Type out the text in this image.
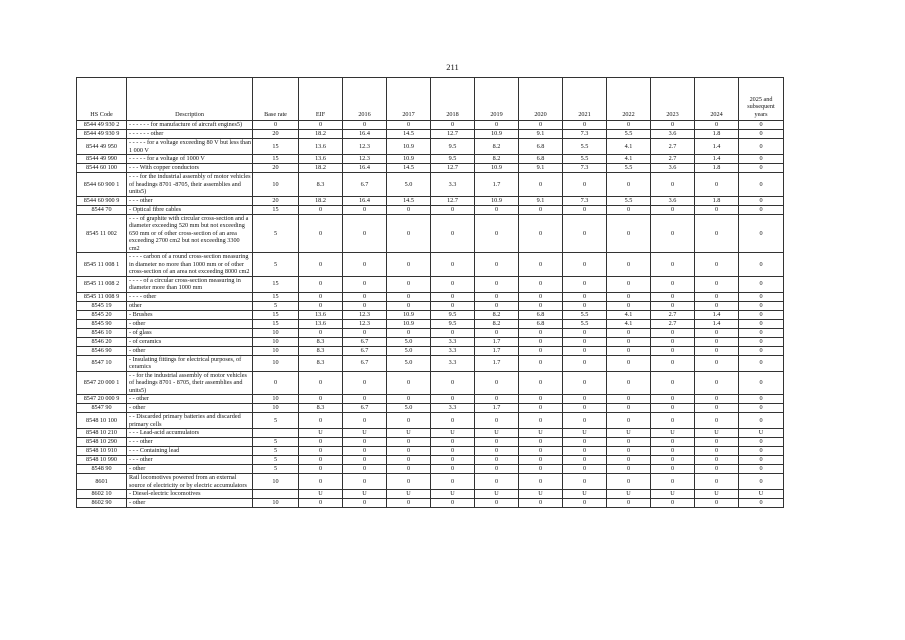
211
HS Code	Description	Base rate	EIF	2016	2017	2018	2019	2020	2021	2022	2023	2024	2025 and subsequent years
8544 49 930 2	- - - - - - for manufacture of aircraft engines5)	0	0	0	0	0	0	0	0	0	0	0	0
8544 49 930 9	- - - - - - other	20	18.2	16.4	14.5	12.7	10.9	9.1	7.3	5.5	3.6	1.8	0
8544 49 950	- - - - - for a voltage exceeding 80 V but less than 1 000 V	15	13.6	12.3	10.9	9.5	8.2	6.8	5.5	4.1	2.7	1.4	0
8544 49 990	- - - - - for a voltage of 1000 V	15	13.6	12.3	10.9	9.5	8.2	6.8	5.5	4.1	2.7	1.4	0
8544 60 100	- - - With copper conductors	20	18.2	16.4	14.5	12.7	10.9	9.1	7.3	5.5	3.6	1.8	0
8544 60 900 1	- - - for the industrial assembly of motor vehicles of headings 8701 -8705, their assemblies and units5)	10	8.3	6.7	5.0	3.3	1.7	0	0	0	0	0	0
8544 60 900 9	- - - other	20	18.2	16.4	14.5	12.7	10.9	9.1	7.3	5.5	3.6	1.8	0
8544 70	- Optical fibre cables	15	0	0	0	0	0	0	0	0	0	0	0
8545 11 002	- - - of graphite with circular cross-section and a diameter exceeding 520 mm but not exceeding 650 mm or of other cross-section of an area exceeding 2700 cm2 but not exceeding 3300 cm2	5	0	0	0	0	0	0	0	0	0	0	0
8545 11 008 1	- - - - carbon of a round cross-section measuring in diameter no more than 1000 mm or of other cross-section of an area not exceeding 8000 cm2	5	0	0	0	0	0	0	0	0	0	0	0
8545 11 008 2	- - - - of a circular cross-section measuring in diameter more than 1000 mm	15	0	0	0	0	0	0	0	0	0	0	0
8545 11 008 9	- - - - other	15	0	0	0	0	0	0	0	0	0	0	0
8545 19	other	5	0	0	0	0	0	0	0	0	0	0	0
8545 20	- Brushes	15	13.6	12.3	10.9	9.5	8.2	6.8	5.5	4.1	2.7	1.4	0
8545 90	- other	15	13.6	12.3	10.9	9.5	8.2	6.8	5.5	4.1	2.7	1.4	0
8546 10	- of glass	10	0	0	0	0	0	0	0	0	0	0	0
8546 20	- of ceramics	10	8.3	6.7	5.0	3.3	1.7	0	0	0	0	0	0
8546 90	- other	10	8.3	6.7	5.0	3.3	1.7	0	0	0	0	0	0
8547 10	- Insulating fittings for electrical purposes, of ceramics	10	8.3	6.7	5.0	3.3	1.7	0	0	0	0	0	0
8547 20 000 1	- - for the industrial assembly of motor vehicles of headings 8701 - 8705, their assemblies and units5)	0	0	0	0	0	0	0	0	0	0	0	0
8547 20 000 9	- - other	10	0	0	0	0	0	0	0	0	0	0	0
8547 90	- other	10	8.3	6.7	5.0	3.3	1.7	0	0	0	0	0	0
8548 10 100	- - Discarded primary batteries and discarded primary cells	5	0	0	0	0	0	0	0	0	0	0	0
8548 10 210	- - - Lead-acid accumulators		U	U	U	U	U	U	U	U	U	U	U
8548 10 290	- - - other	5	0	0	0	0	0	0	0	0	0	0	0
8548 10 910	- - - Containing lead	5	0	0	0	0	0	0	0	0	0	0	0
8548 10 990	- - - other	5	0	0	0	0	0	0	0	0	0	0	0
8548 90	- other	5	0	0	0	0	0	0	0	0	0	0	0
8601	Rail locomotives powered from an external source of electricity or by electric accumulators	10	0	0	0	0	0	0	0	0	0	0	0
8602 10	- Diesel-electric locomotives		U	U	U	U	U	U	U	U	U	U	U
8602 90	- other	10	0	0	0	0	0	0	0	0	0	0	0
